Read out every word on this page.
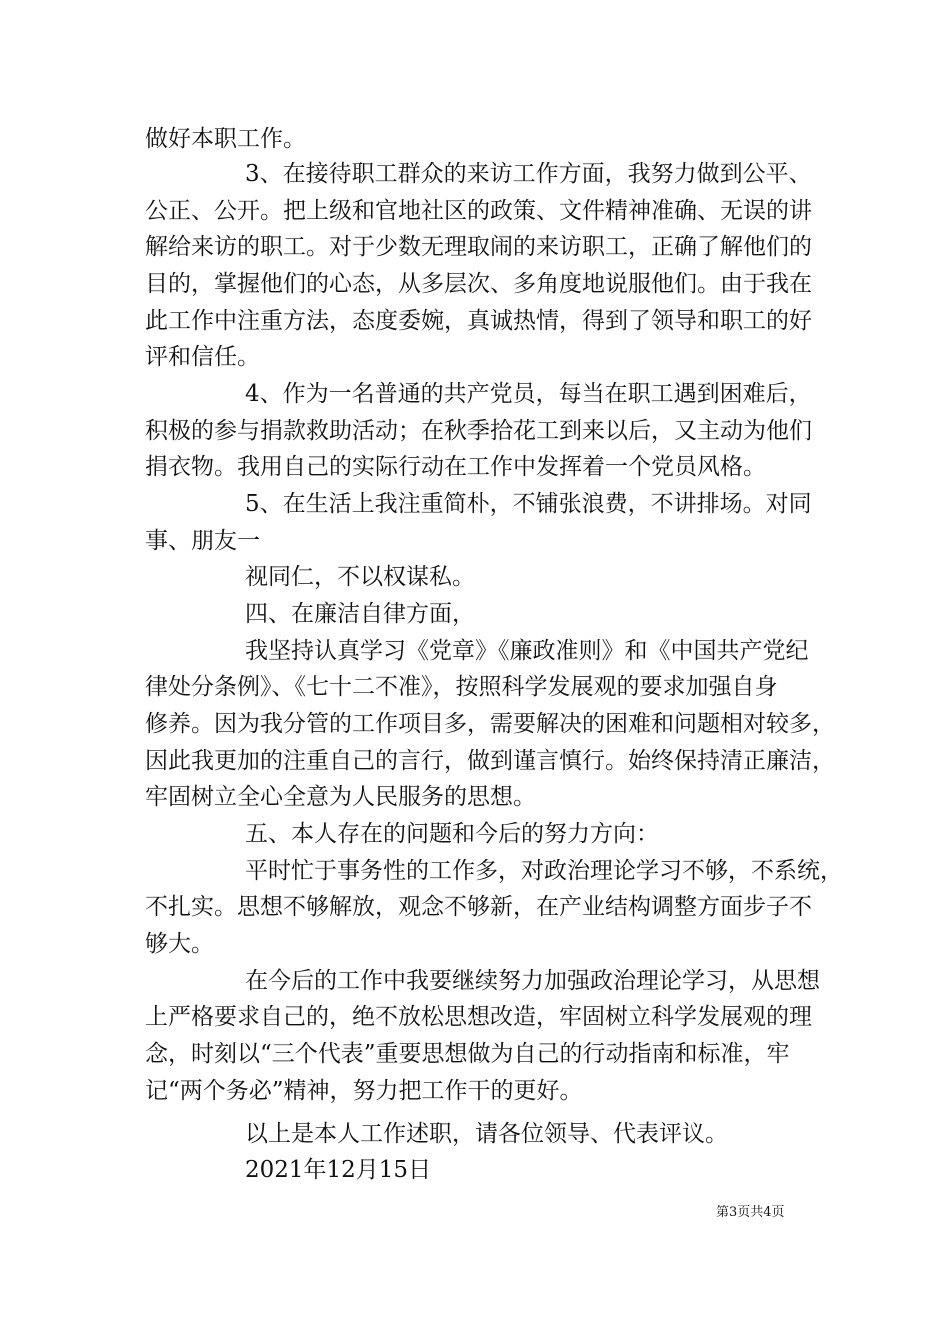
做好本职工作。
3、在接待职工群众的来访工作方面，我努力做到公平、
公正、公开。把上级和官地社区的政策、文件精神准确、无误的讲
解给来访的职工。对于少数无理取闹的来访职工，正确了解他们的
目的，掌握他们的心态，从多层次、多角度地说服他们。由于我在
此工作中注重方法，态度委婉，真诚热情，得到了领导和职工的好
评和信任。
4、作为一名普通的共产党员，每当在职工遇到困难后，
积极的参与捐款救助活动；在秋季拾花工到来以后，又主动为他们
捐衣物。我用自己的实际行动在工作中发挥着一个党员风格。
5、在生活上我注重简朴，不铺张浪费，不讲排场。对同
事、朋友一
视同仁，不以权谋私。
四、在廉洁自律方面，
我坚持认真学习《党章》《廉政准则》和《中国共产党纪
律处分条例》、《七十二不准》，按照科学发展观的要求加强自身
修养。因为我分管的工作项目多，需要解决的困难和问题相对较多，
因此我更加的注重自己的言行，做到谨言慎行。始终保持清正廉洁，
牢固树立全心全意为人民服务的思想。
五、本人存在的问题和今后的努力方向：
平时忙于事务性的工作多，对政治理论学习不够，不系统，
不扎实。思想不够解放，观念不够新，在产业结构调整方面步子不
够大。
在今后的工作中我要继续努力加强政治理论学习，从思想
上严格要求自己的，绝不放松思想改造，牢固树立科学发展观的理
念，时刻以“三个代表”重要思想做为自己的行动指南和标准，牢
记“两个务必”精神，努力把工作干的更好。
以上是本人工作述职，请各位领导、代表评议。
2021年12月15日
第3页共4页
